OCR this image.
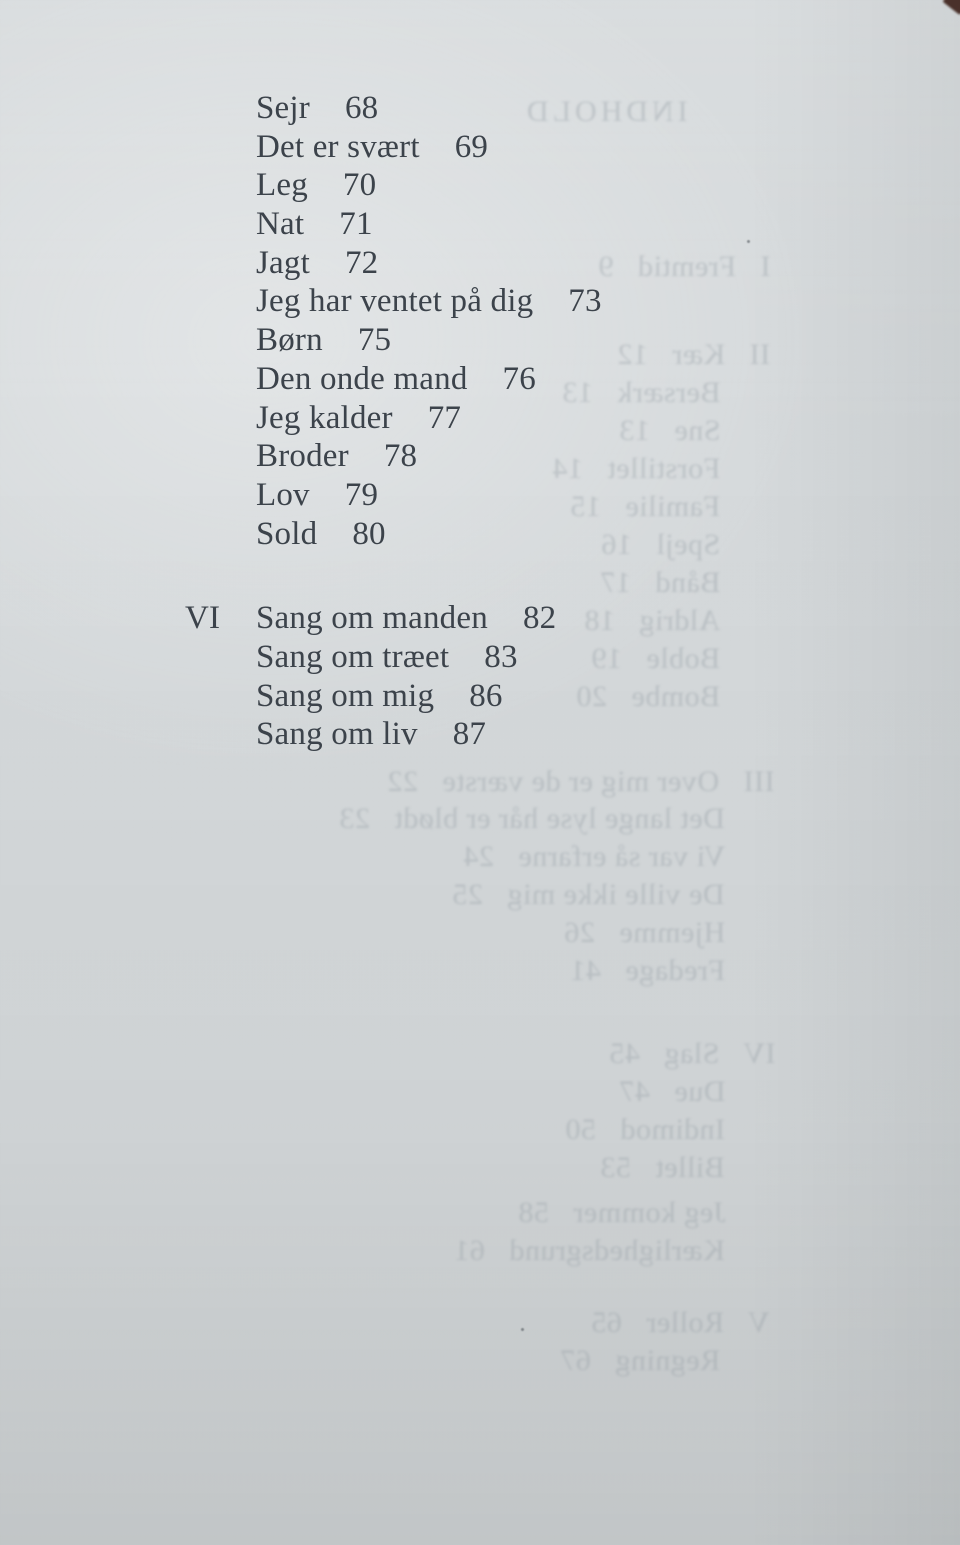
INDHOLD
I   Fremtid   9
II   Kær   12
Bersærk   13
Sne   13
Forstillet   14
Familie   15
Spejl   16
Bånd   17
Aldrig   18
Boble   19
Bombe   20
III   Over mig er de værste   22
Det lange lyse hår er blødt   23
Vi var så erfarne   24
De ville ikke mig   25
Hjemme   26
Fredage   41
IV   Slag   45
Due   47
Indimod   50
Billet   53
Jeg kommer   58
Kærlighedsgrund   61
V   Roller   65
Regning   67
Sejr 68
Det er svært 69
Leg 70
Nat 71
Jagt 72
Jeg har ventet på dig 73
Børn 75
Den onde mand 76
Jeg kalder 77
Broder 78
Lov 79
Sold 80
VI	Sang om manden 82
Sang om træet 83
Sang om mig 86
Sang om liv 87
